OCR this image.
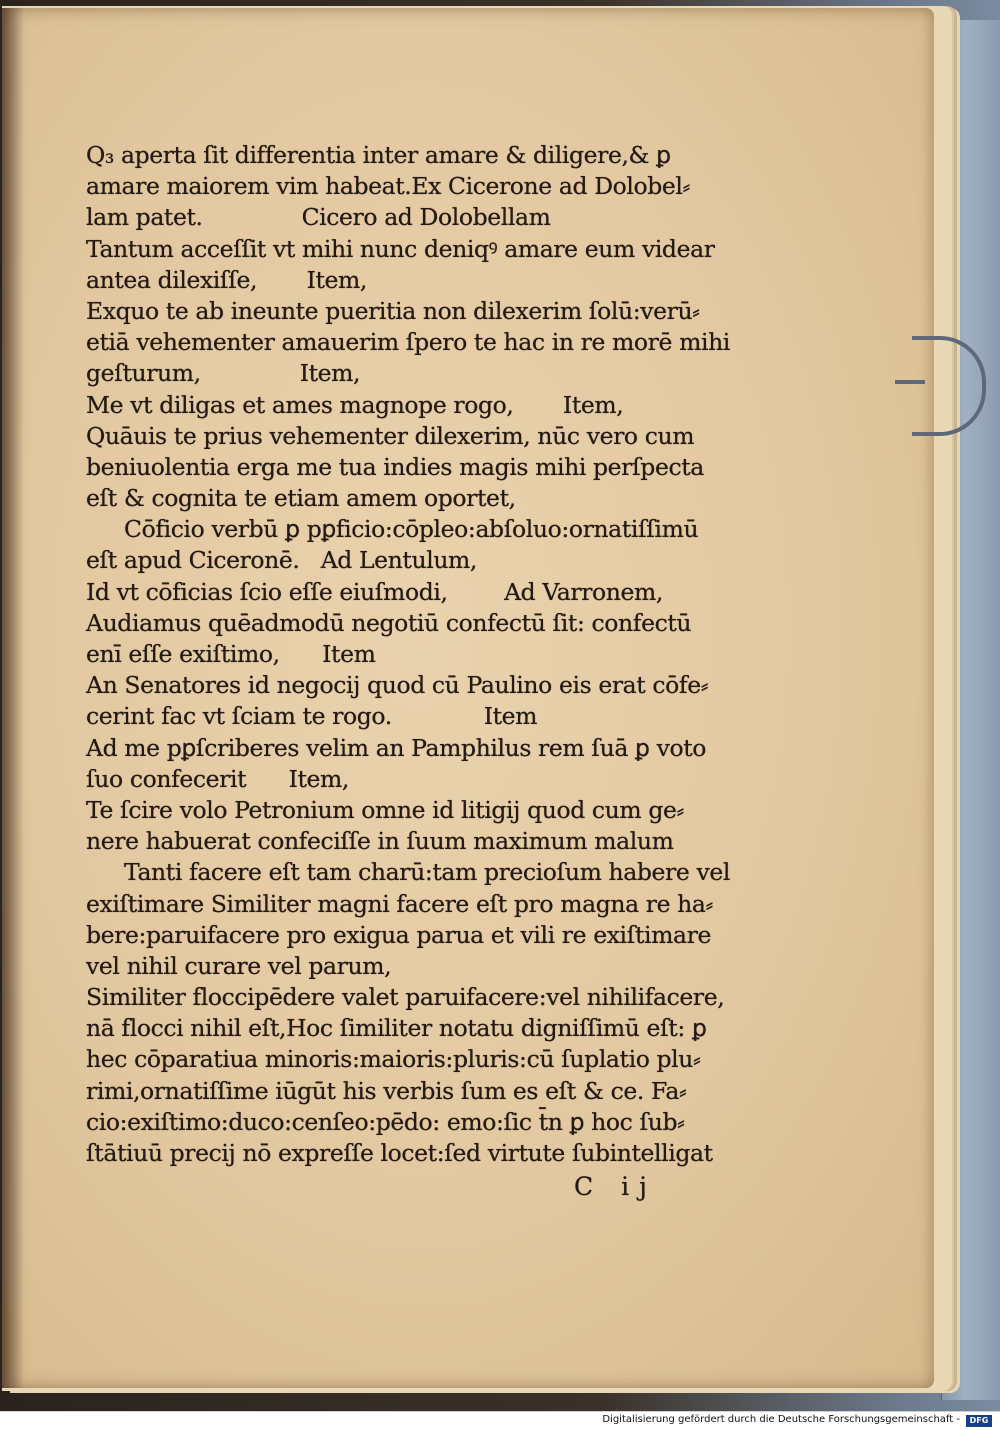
Q₃ aperta ſit differentia inter amare & diligere,& ꝑ
amare maiorem vim habeat.Ex Cicerone ad Dolobel⸗
lam patet.              Cicero ad Dolobellam
Tantum acceſſit vt mihi nunc deniqꝰ amare eum videar
antea dilexiſſe,       Item,
Exquo te ab ineunte pueritia non dilexerim ſolū:verū⸗
etiā vehementer amauerim ſpero te hac in re morē mihi
geſturum,              Item,
Me vt diligas et ames magnope rogo,       Item,
Quāuis te prius vehementer dilexerim, nūc vero cum
beniuolentia erga me tua indies magis mihi perſpecta
eſt & cognita te etiam amem oportet,
Cōficio verbū ꝑ pꝑficio:cōpleo:abſoluo:ornatiſſimū
eſt apud Ciceronē.   Ad Lentulum,
Id vt cōficias ſcio eſſe eiuſmodi,        Ad Varronem,
Audiamus quēadmodū negotiū confectū ſit: confectū
enī eſſe exiſtimo,      Item
An Senatores id negocij quod cū Paulino eis erat cōfe⸗
cerint fac vt ſciam te rogo.             Item
Ad me pꝑſcriberes velim an Pamphilus rem ſuā ꝑ voto
ſuo confecerit      Item,
Te ſcire volo Petronium omne id litigij quod cum ge⸗
nere habuerat confeciſſe in ſuum maximum malum
Tanti facere eſt tam charū:tam precioſum habere vel
exiſtimare Similiter magni facere eſt pro magna re ha⸗
bere:paruifacere pro exigua parua et vili re exiſtimare
vel nihil curare vel parum,
Similiter floccipēdere valet paruifacere:vel nihilifacere,
nā flocci nihil eſt,Hoc ſimiliter notatu digniſſimū eſt: ꝑ
hec cōparatiua minoris:maioris:pluris:cū ſuplatio plu⸗
rimi,ornatiſſime iūgūt his verbis ſum es eſt & ce. Fa⸗
cio:exiſtimo:duco:cenſeo:pēdo: emo:ſic t̄n ꝑ hoc ſub⸗
ſtātiuū precij nō expreſſe locet:ſed virtute ſubintelligat
C ij
Digitalisierung gefördert durch die Deutsche Forschungsgemeinschaft -	DFG
